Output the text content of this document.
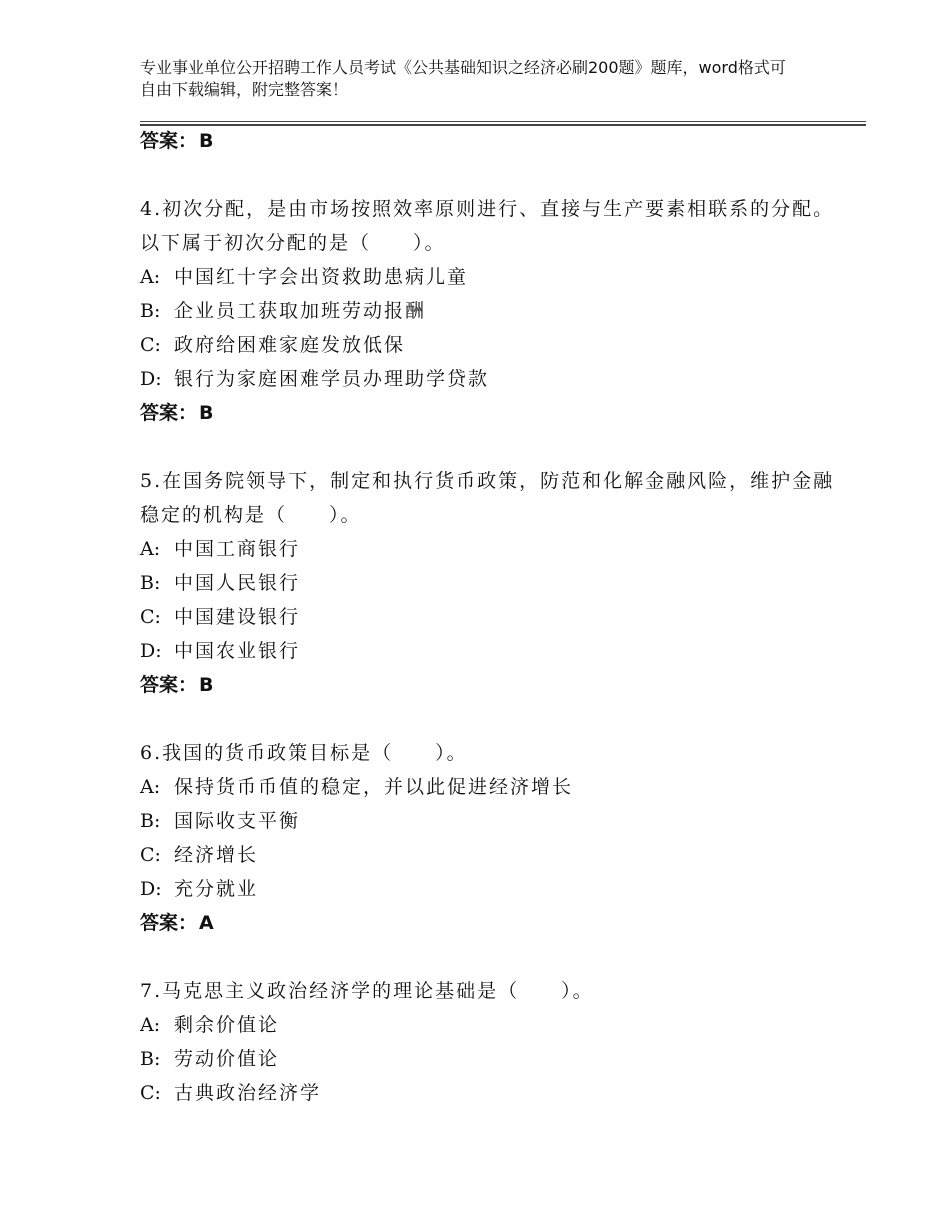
专业事业单位公开招聘工作人员考试《公共基础知识之经济必刷200题》题库，word格式可自由下载编辑，附完整答案！

答案： B

4.初次分配，是由市场按照效率原则进行、直接与生产要素相联系的分配。以下属于初次分配的是（　　）。

A: 中国红十字会出资救助患病儿童

B: 企业员工获取加班劳动报酬

C: 政府给困难家庭发放低保

D: 银行为家庭困难学员办理助学贷款

答案： B

5.在国务院领导下，制定和执行货币政策，防范和化解金融风险，维护金融稳定的机构是（　　）。

A: 中国工商银行

B: 中国人民银行

C: 中国建设银行

D: 中国农业银行

答案： B

6.我国的货币政策目标是（　　）。

A: 保持货币币值的稳定，并以此促进经济增长

B: 国际收支平衡

C: 经济增长

D: 充分就业

答案： A

7.马克思主义政治经济学的理论基础是（　　）。

A: 剩余价值论

B: 劳动价值论

C: 古典政治经济学
